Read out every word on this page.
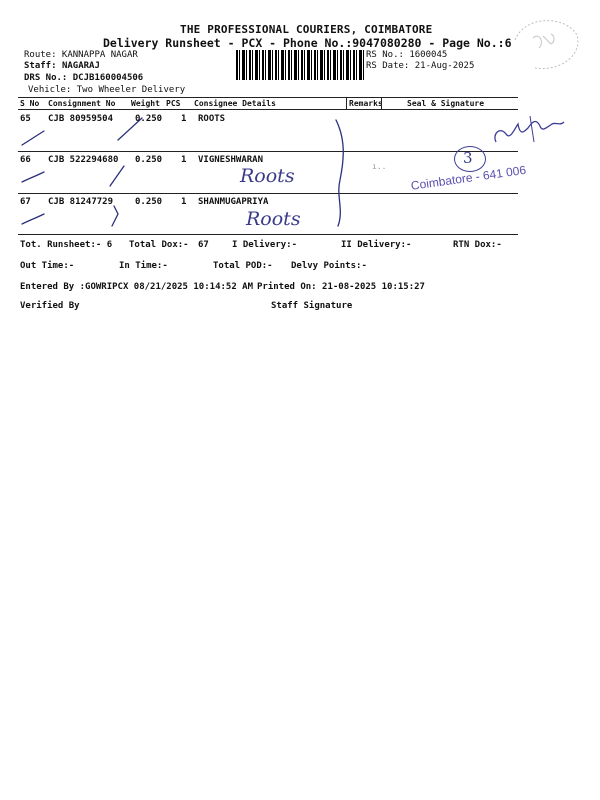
THE PROFESSIONAL COURIERS, COIMBATORE
Delivery Runsheet - PCX - Phone No.:9047080280 - Page No.:6
Route: KANNAPPA NAGAR
Staff: NAGARAJ
DRS No.: DCJB160004506
Vehicle: Two Wheeler Delivery
RS No.: 1600045
RS Date: 21-Aug-2025
S No Consignment No Weight PCS Consignee Details	Remarks	Seal & Signature
65 CJB 80959504 0.250 1 ROOTS
66 CJB 522294680 0.250 1 VIGNESHWARAN
Roots
67 CJB 81247729 0.250 1 SHANMUGAPRIYA
Roots
3
ı.. Coimbatore - 641 006
Tot. Runsheet:- 6 Total Dox:- 67	I Delivery:-	II Delivery:-	RTN Dox:-
Out Time:-	In Time:-	Total POD:- Delvy Points:-
Entered By :GOWRIPCX 08/21/2025 10:14:52 AM Printed On: 21-08-2025 10:15:27
Verified By	Staff Signature
